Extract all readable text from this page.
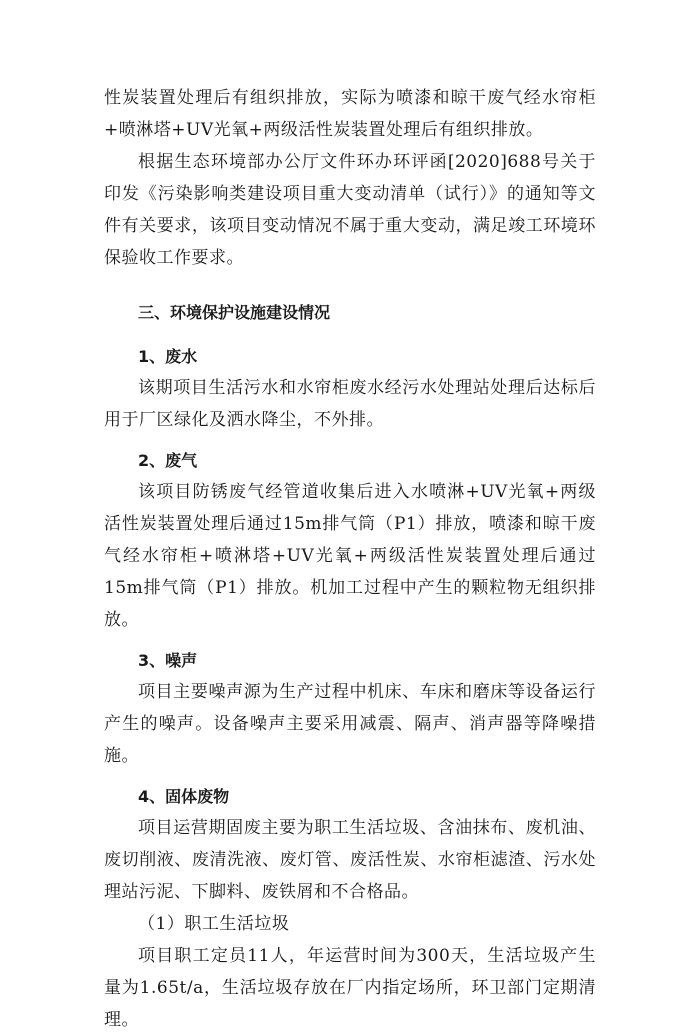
性炭装置处理后有组织排放，实际为喷漆和晾干废气经水帘柜+喷淋塔+UV光氧+两级活性炭装置处理后有组织排放。

根据生态环境部办公厅文件环办环评函[2020]688号关于印发《污染影响类建设项目重大变动清单（试行）》的通知等文件有关要求，该项目变动情况不属于重大变动，满足竣工环境环保验收工作要求。

三、环境保护设施建设情况
1、废水

该期项目生活污水和水帘柜废水经污水处理站处理后达标后用于厂区绿化及洒水降尘，不外排。

2、废气

该项目防锈废气经管道收集后进入水喷淋+UV光氧+两级活性炭装置处理后通过15m排气筒（P1）排放，喷漆和晾干废气经水帘柜+喷淋塔+UV光氧+两级活性炭装置处理后通过15m排气筒（P1）排放。机加工过程中产生的颗粒物无组织排放。

3、噪声

项目主要噪声源为生产过程中机床、车床和磨床等设备运行产生的噪声。设备噪声主要采用减震、隔声、消声器等降噪措施。

4、固体废物

项目运营期固废主要为职工生活垃圾、含油抹布、废机油、废切削液、废清洗液、废灯管、废活性炭、水帘柜滤渣、污水处理站污泥、下脚料、废铁屑和不合格品。

（1）职工生活垃圾

项目职工定员11人，年运营时间为300天，生活垃圾产生量为1.65t/a，生活垃圾存放在厂内指定场所，环卫部门定期清理。
